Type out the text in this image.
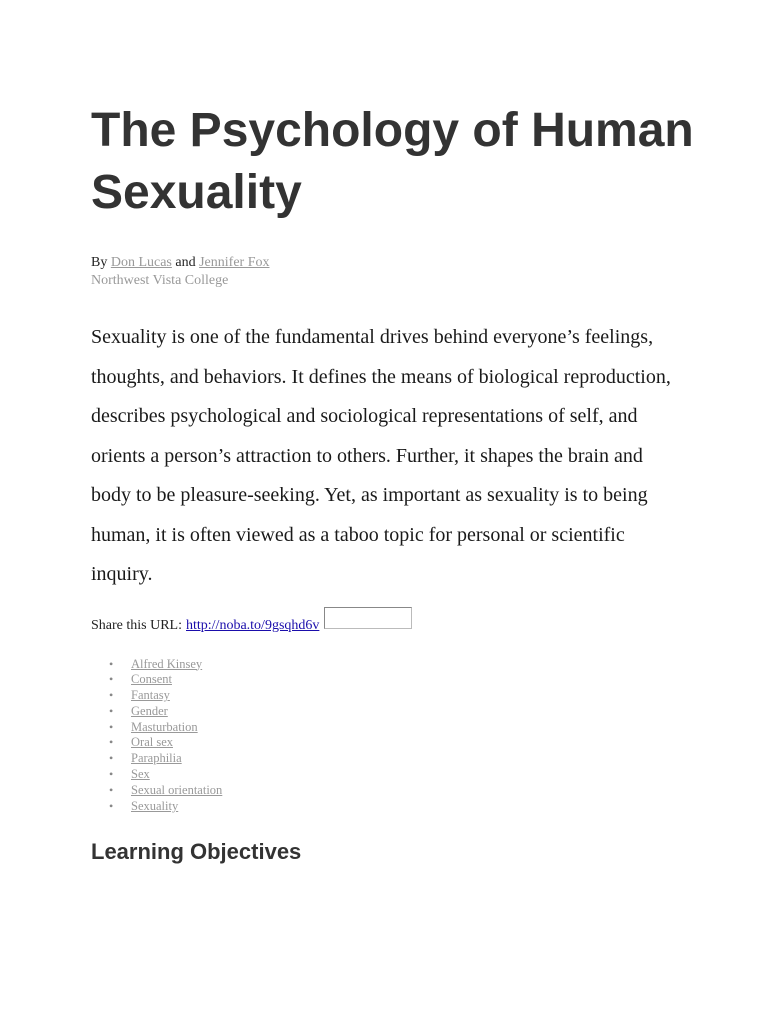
The Psychology of Human Sexuality
By Don Lucas and Jennifer Fox
Northwest Vista College

Sexuality is one of the fundamental drives behind everyone’s feelings, thoughts, and behaviors. It defines the means of biological reproduction, describes psychological and sociological representations of self, and orients a person’s attraction to others. Further, it shapes the brain and body to be pleasure-seeking. Yet, as important as sexuality is to being human, it is often viewed as a taboo topic for personal or scientific inquiry.

Share this URL: http://noba.to/9gsqhd6v
• Alfred Kinsey
• Consent
• Fantasy
• Gender
• Masturbation
• Oral sex
• Paraphilia
• Sex
• Sexual orientation
• Sexuality
Learning Objectives
